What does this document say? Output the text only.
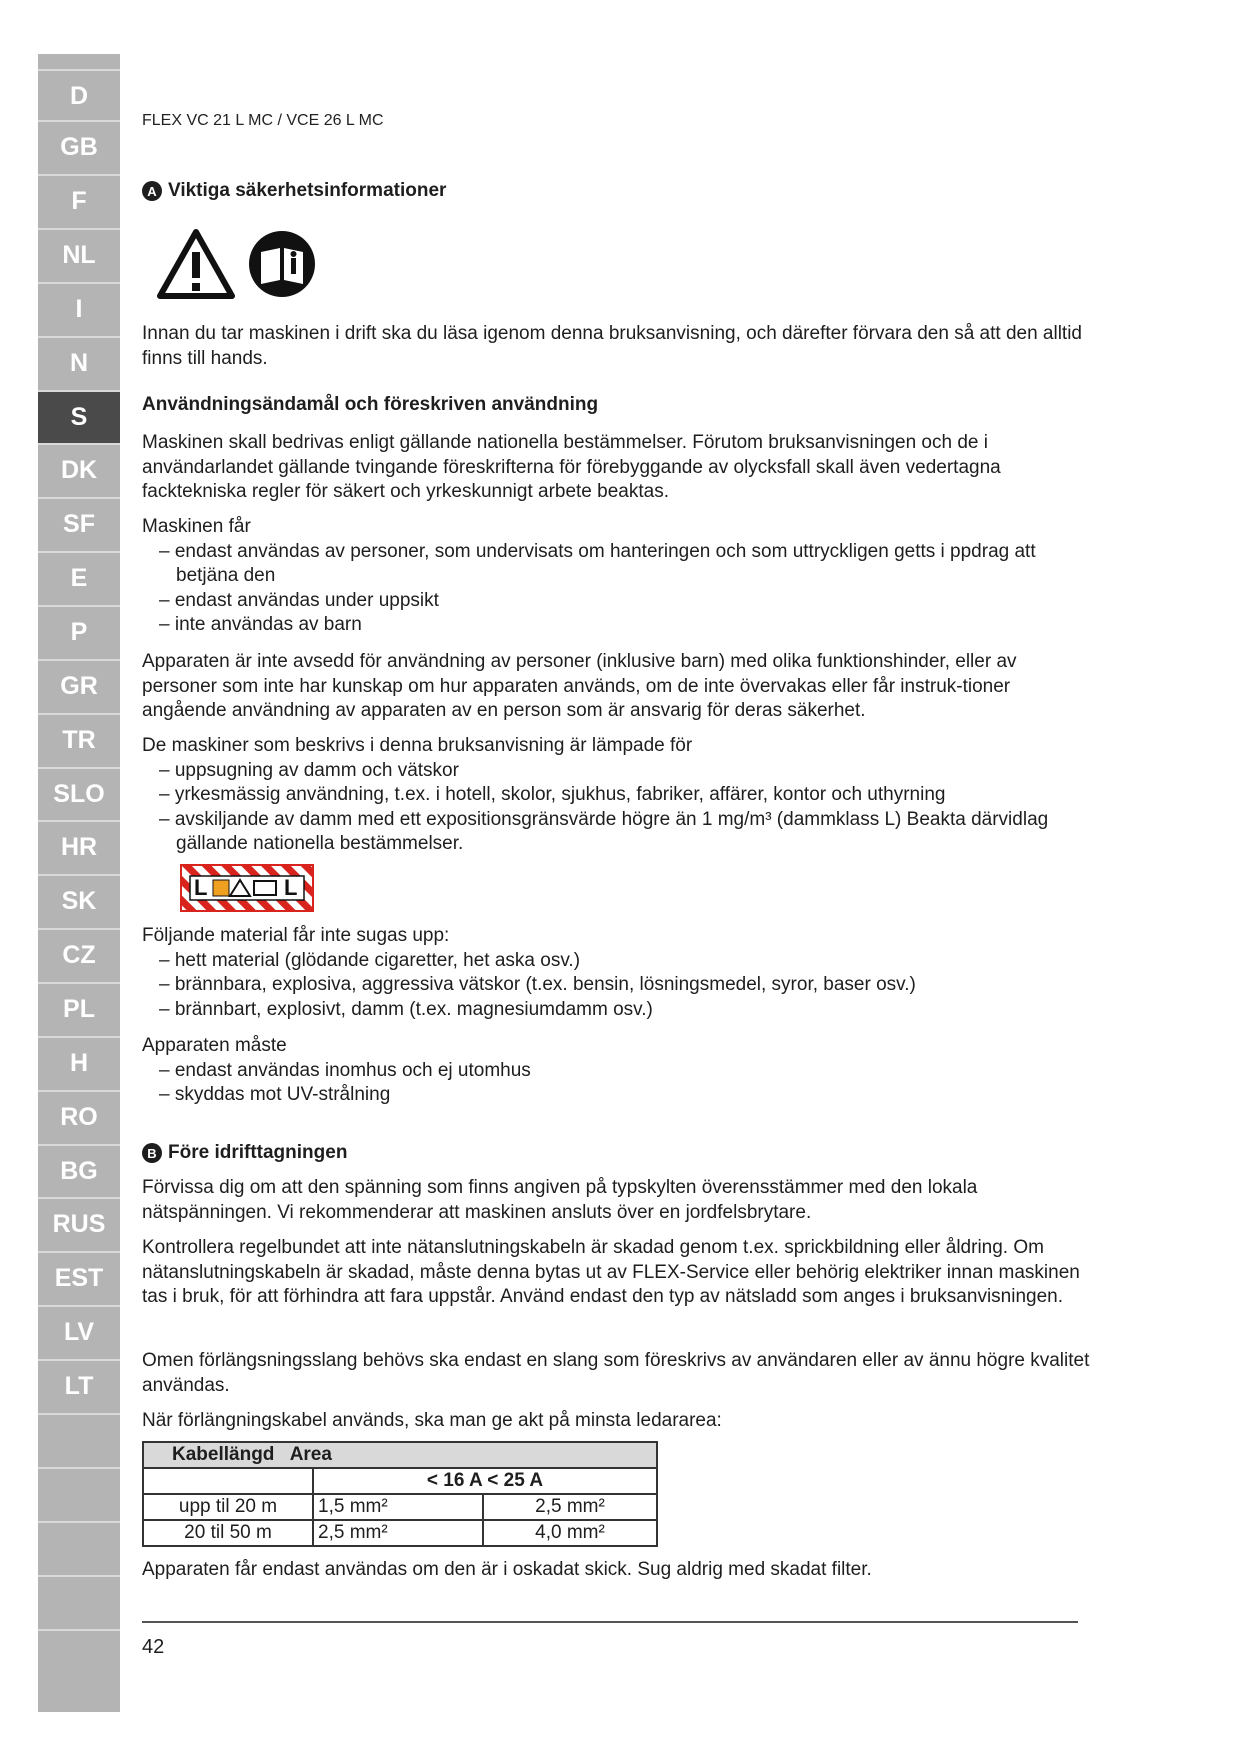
D
GB
F
NL
I
N
S
DK
SF
E
P
GR
TR
SLO
HR
SK
CZ
PL
H
RO
BG
RUS
EST
LV
LT
FLEX VC 21 L MC / VCE 26 L MC
A Viktiga säkerhetsinformationer
Innan du tar maskinen i drift ska du läsa igenom denna bruksanvisning, och därefter förvara den så att den alltid finns till hands.
Användningsändamål och föreskriven användning
Maskinen skall bedrivas enligt gällande nationella bestämmelser. Förutom bruksanvisningen och de i användarlandet gällande tvingande föreskrifterna för förebyggande av olycksfall skall även vedertagna facktekniska regler för säkert och yrkeskunnigt arbete beaktas.
Maskinen får
– endast användas av personer, som undervisats om hanteringen och som uttryckligen getts i ppdrag att betjäna den
– endast användas under uppsikt
– inte användas av barn
Apparaten är inte avsedd för användning av personer (inklusive barn) med olika funktionshinder, eller av personer som inte har kunskap om hur apparaten används, om de inte övervakas eller får instruk-tioner angående användning av apparaten av en person som är ansvarig för deras säkerhet.
De maskiner som beskrivs i denna bruksanvisning är lämpade för
– uppsugning av damm och vätskor
– yrkesmässig användning, t.ex. i hotell, skolor, sjukhus, fabriker, affärer, kontor och uthyrning
– avskiljande av damm med ett expositionsgränsvärde högre än 1 mg/m³ (dammklass L) Beakta därvidlag gällande nationella bestämmelser.
L	L
Följande material får inte sugas upp:
– hett material (glödande cigaretter, het aska osv.)
– brännbara, explosiva, aggressiva vätskor (t.ex. bensin, lösningsmedel, syror, baser osv.)
– brännbart, explosivt, damm (t.ex. magnesiumdamm osv.)
Apparaten måste
– endast användas inomhus och ej utomhus
– skyddas mot UV-strålning
B Före idrifttagningen
Förvissa dig om att den spänning som finns angiven på typskylten överensstämmer med den lokala nätspänningen. Vi rekommenderar att maskinen ansluts över en jordfelsbrytare.
Kontrollera regelbundet att inte nätanslutningskabeln är skadad genom t.ex. sprickbildning eller åldring. Om nätanslutningskabeln är skadad, måste denna bytas ut av FLEX-Service eller behörig elektriker innan maskinen tas i bruk, för att förhindra att fara uppstår. Använd endast den typ av nätsladd som anges i bruksanvisningen.
Omen förlängsningsslang behövs ska endast en slang som föreskrivs av användaren eller av ännu högre kvalitet användas.
När förlängningskabel används, ska man ge akt på minsta ledararea:
Kabellängd Area		
	< 16 A < 25 A	
upp til 20 m	1,5 mm²	2,5 mm²
20 til 50 m	2,5 mm²	4,0 mm²
Apparaten får endast användas om den är i oskadat skick. Sug aldrig med skadat filter.
42
